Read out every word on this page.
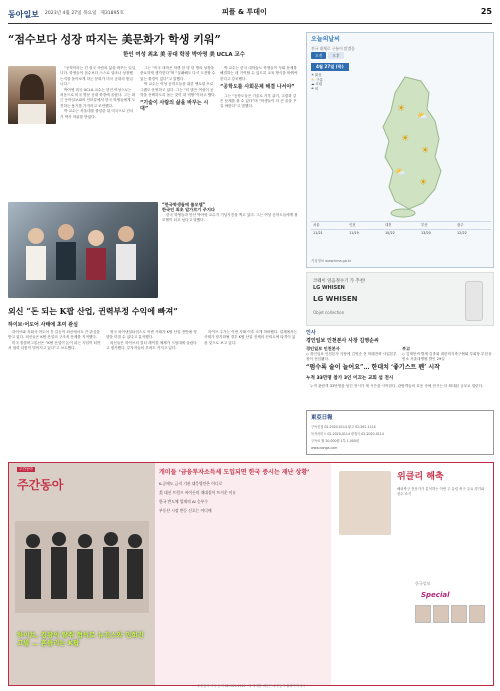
동아일보 2023년 4월 27일 목요일 제31895호	피플 & 투데이	25
“점수보다 성장 따지는 美문화가 학생 키워”
한인 여성 최초 美 공대 학장 박아영 美 UCLA 교수

“공학이라는 건 결국 사람의 삶을 바꾸는 일입니다. 학생들이 점수보다 스스로 얼마나 성장했는지를 돌아보게 하는 문화가 미국 공대의 힘입니다.”

박아영 미국 UCLA 교수는 한인 여성으로는 처음으로 미국 명문 공대 학장에 올랐다. 그는 최근 동아일보와의 인터뷰에서 한국 학생들에게 도전하는 용기를 가지라고 조언했다.

박 교수는 서울대를 졸업한 뒤 미국으로 건너가 박사 학위를 받았다.

그는 “미국 대학은 학생 한 명 한 명의 성장을 중요하게 생각한다”며 “실패해도 다시 도전할 수 있는 환경이 있다”고 말했다.

박 교수는 여성 공학도들을 위한 멘토링 프로그램도 운영하고 있다. 그는 “더 많은 여성이 공학을 선택하도록 돕는 것이 내 역할”이라고 했다.

“기술이 사람의 삶을 바꾸는 시대”

박 교수는 한국 대학들도 학생들이 사회 문제를 해결하는 데 기여할 수 있도록 교육 방식을 바꿔야 한다고 강조했다.

“공학도를 사회문제 해결 나서야”

그는 “공학도들은 기술로 기후 위기, 고령화 같은 문제를 풀 수 있다”며 “학생들이 더 큰 꿈을 꾸길 바란다”고 말했다.

“한국학생들에 롤모델”
한국인 최초 압가르기 주지다

한국 학생들과 만난 박아영 교수가 기념사진을 찍고 있다. 그는 여성 공학도들에게 롤모델이 되고 싶다고 말했다.

외신 “돈 되는 K팝 산업, 귄력부정 수익에 빠져”
하이브·어도어 사태에 초미 관심

하이브와 자회사 어도어 간 갈등이 외신에서도 큰 관심을 받고 있다. 외신들은 K팝 산업의 구조적 문제를 지적했다.

미국 블룸버그통신은 “K팝 산업이 돈이 되는 사업이 되면서 권력 다툼이 벌어지고 있다”고 보도했다.

영국 파이낸셜타임스도 이번 사태가 K팝 산업 전반에 영향을 미칠 수 있다고 분석했다.

외신들은 하이브의 멀티 레이블 체제가 시험대에 올랐다고 평가했다. 투자자들의 우려도 커지고 있다.

하이브 주가는 이번 사태 이후 크게 하락했다. 업계에서는 사태가 장기화될 경우 K팝 산업 전체의 신뢰도에 타격이 있을 것으로 보고 있다.

오늘의날씨
전국 대체로 구름이 많겠음
오전	오후
4월 27일 (목)
☀ 맑음
⛅ 구름
☁ 흐림
☂ 비
☀
⛅
☀
☀
⛅
☀
서울	인천	대전	부산	광주
11/21	11/19	10/22	13/20	12/22
기상정보 www.kma.go.kr
코웨이 얼음정수기 가 추천!
LG WHISEN
LG WHISEN
Objet collection
인사
경인일보 인천본사 사장 김영순씨
경인일보 인천본사
◇ 경인일보 인천본사 사장에 김영순 전 미래전략 사업본부장이 선임됐다.
부고
◇ 김재봉씨 별세 김종희 대한미식축구협회 부회장 부친상 빈소 서울대병원 발인 29일
“펌수록 술이 늘어요”… 한대치 ‘좋기스트 펜’ 시작
누적 33만명 참가 3인 이끄는 교회 섬 전시

누적 관람객 33만명을 넘긴 전시가 새 시즌을 시작한다. 관람객들의 호응 속에 전시는 더 확대된 규모로 열린다.

東亞日報
구독신청 02-2020-0114 광고 02-361-1114
독자서비스 02-2020-0114 편집국 02-2020-0114
구독료 월 20,000원 1부 1,000원
www.donga.com
주간동아
주간동아
하이브, 김왕의 탈취 협의로 뉴진스와 민희진 고발 … 흔들리는 K팝
개미들 ‘금융투자소득세 도입되면 한국 증시는 재난 상황’
K-공매도 금지 기관 대응방안은 어디로
美 대선 트럼프 바이든의 재대결이 뜨거운 이유
한국 반도체 업계의 AI 승부수
부동산 시장 반등 신호는 어디에
위클리 해축
해외축구 전문가가 분석하는 이번 주 유럽 축구 주요 경기와 선수 소식
한국일보
Special
주간동아 구독 문의 02-361-1114 · 더 자세한 내용은 주간동아 홈페이지에서
